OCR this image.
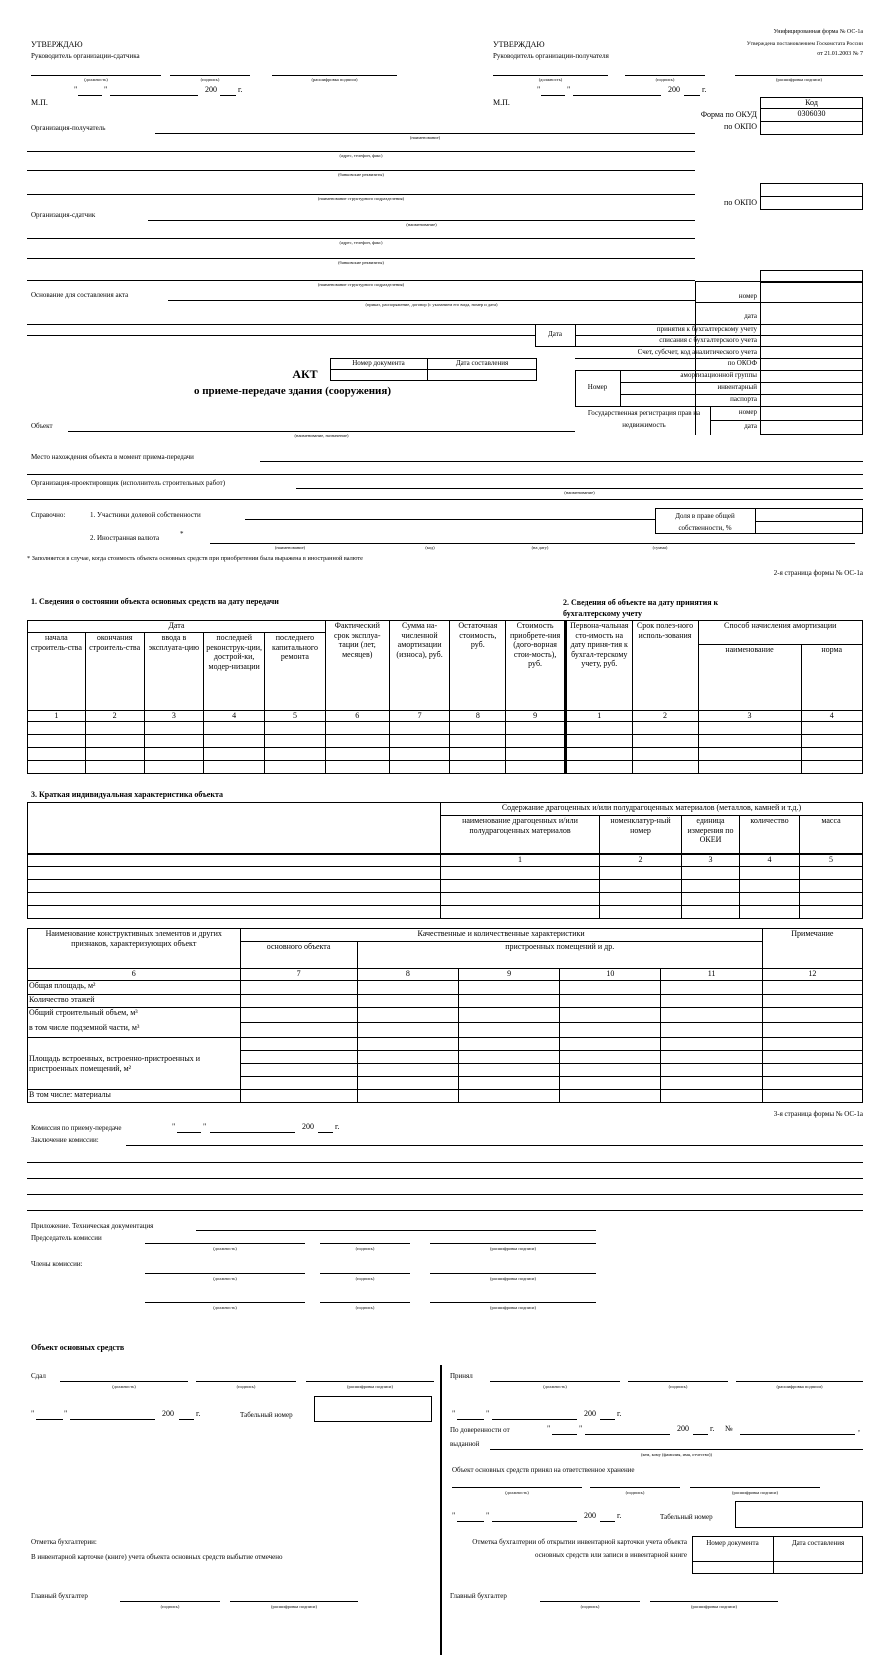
Унифицированная форма № ОС-1а
Утверждена постановлением Госкомстата России
от 21.01.2003 № 7
УТВЕРЖДАЮ
Руководитель организации-сдатчика
УТВЕРЖДАЮ
Руководитель организации-получателя
(должность)	(подпись)	(расшифровка подписи)
"	"	200	г.
М.П.
(должность)	(подпись)	(расшифровка подписи)
"	"	200	г.
М.П.	Код
0306030
Форма по ОКУД
по ОКПО
Организация-получатель
(наименование)
(адрес, телефон, факс)
(банковские реквизиты)
(наименование структурного подразделения)	по ОКПО
Организация-сдатчик
(наименование)
(адрес, телефон, факс)
(банковские реквизиты)
(наименование структурного подразделения)
номер
дата
принятия к бухгалтерскому учету
списания с бухгалтерского учета
Дата
Счет, субсчет, код аналитического учета
по ОКОФ
амортизационной группы
инвентарный
паспорта
Номер
Государственная регистрация прав на недвижимость
номер
дата
Основание для составления акта
(приказ, распоряжение, договор (с указанием его вида, номер и дата)
Номер документа	Дата составления
АКТ
о приеме-передаче здания (сооружения)
Объект
(наименование, назначение)
Место нахождения объекта в момент приема-передачи
Организация-проектировщик (исполнитель строительных работ)
(наименование)
Справочно:	1. Участники долевой собственности	Доля в праве общей собственности, %
2. Иностранная валюта	*
(наименование)	(код)	(на дату)	(сумма)
* Заполняется в случае, когда стоимость объекта основных средств при приобретении была выражена в иностранной валюте
2-я страница формы № ОС-1а
1. Сведения о состоянии объекта основных средств на дату передачи	2. Сведения об объекте на дату принятия к бухгалтерскому учету
Дата					Фактический срок эксплуа-тации (лет, месяцев)	Сумма на-численной амортизации (износа), руб.	Остаточная стоимость, руб.	Стоимость приобрете-ния (дого-ворная стои-мость), руб.
начала строитель-ства	окончания строитель-ства	ввода в эксплуата-цию	последней реконструк-ции, дострой-ки, модер-низации	последнего капитального ремонта				
1	2	3	4	5	6	7	8	9

Первона-чальная сто-имость на дату приня-тия к бухгал-терскому учету, руб.	Срок полез-ного исполь-зования	Способ начисления амортизации	
		наименование	норма
1	2	3	4

3. Краткая индивидуальная характеристика объекта
	Содержание драгоценных и/или полудрагоценных материалов (металлов, камней и т.д.)				
	наименование драгоценных и/или полудрагоценных материалов	номенклатур-ный номер	единица измерения по ОКЕИ	количество	масса
	1	2	3	4	5

Наименование конструктивных элементов и других признаков, характеризующих объект	Качественные и количественные характеристики					Примечание
	основного объекта	пристроенных помещений и др.				
6	7	8	9	10	11	12
Общая площадь, м²						
Количество этажей						
Общий строительный объем, м³						
в том числе подземной части, м³						
Площадь встроенных, встроенно-пристроенных и пристроенных помещений, м²						

В том числе: материалы						
3-я страница формы № ОС-1а
Комиссия по приему-передаче	"	"	200	г.
Заключение комиссии:
Приложение. Техническая документация
Председатель комиссии
(должность)	(подпись)	(расшифровка подписи)
Члены комиссии:
(должность)	(подпись)	(расшифровка подписи)
(должность)	(подпись)	(расшифровка подписи)
Объект основных средств
Сдал
(должность)	(подпись)	(расшифровка подписи)
"	"	200	г.	Табельный номер
Отметка бухгалтерии:
В инвентарной карточке (книге) учета объекта основных средств выбытие отмечено
Главный бухгалтер
(подпись)	(расшифровка подписи)
Принял
(должность)	(подпись)	(расшифровка подписи)
"	"	200	г.
По доверенности от	"	"	200	г. №	,
выданной
(кем, кому (фамилия, имя, отчество))
Объект основных средств принял на ответственное хранение
(должность)	(подпись)	(расшифровка подписи)
"	"	200	г.	Табельный номер
Отметка бухгалтерии об открытии инвентарной карточки учета объекта основных средств или записи в инвентарной книге
Номер документа	Дата составления
Главный бухгалтер
(подпись)	(расшифровка подписи)
